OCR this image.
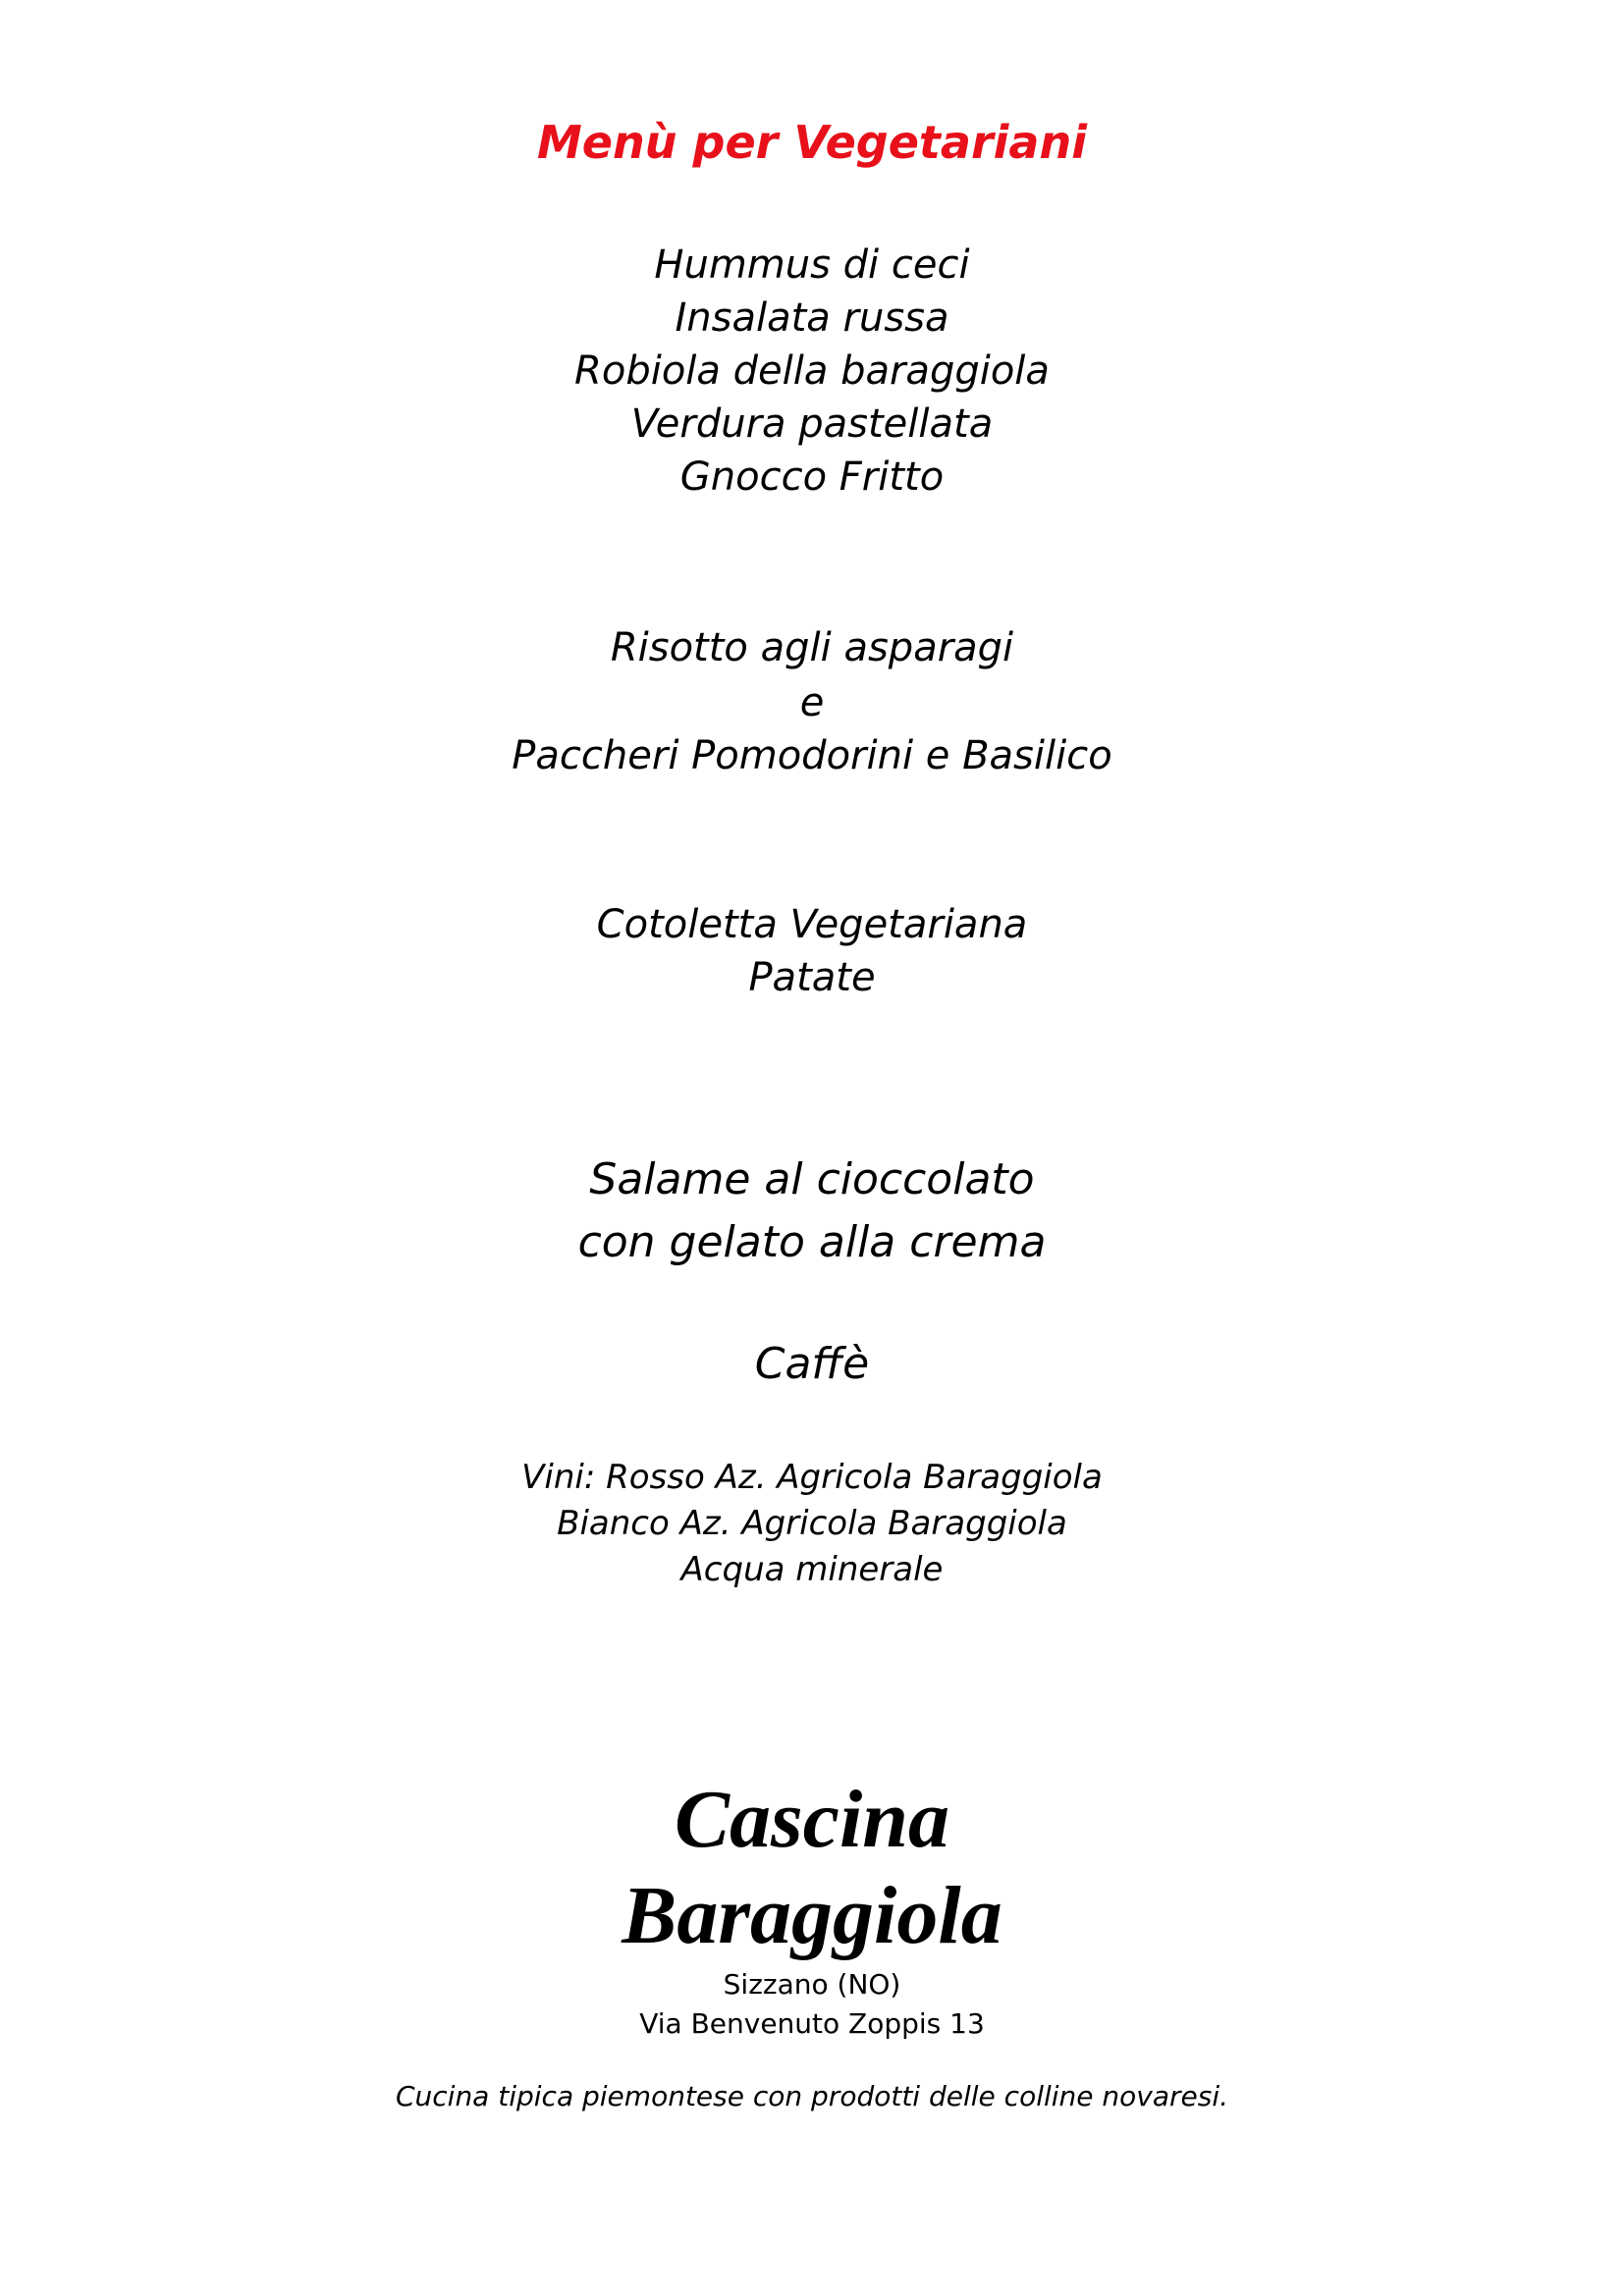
Menù per Vegetariani
Hummus di ceci
Insalata russa
Robiola della baraggiola
Verdura pastellata
Gnocco Fritto
Risotto agli asparagi
e
Paccheri Pomodorini e Basilico
Cotoletta Vegetariana
Patate
Salame al cioccolato
con gelato alla crema
Caffè
Vini: Rosso Az. Agricola Baraggiola
Bianco Az. Agricola Baraggiola
Acqua minerale
Cascina
Baraggiola
Sizzano (NO)
Via Benvenuto Zoppis 13
Cucina tipica piemontese con prodotti delle colline novaresi.
